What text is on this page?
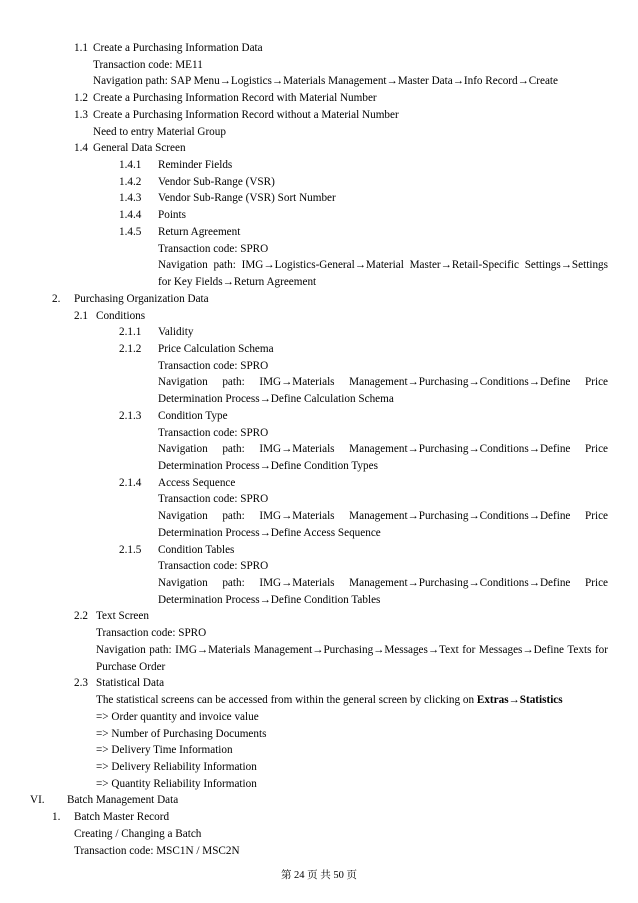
1.1 Create a Purchasing Information Data
Transaction code: ME11
Navigation path: SAP Menu→Logistics→Materials Management→Master Data→Info Record→Create
1.2 Create a Purchasing Information Record with Material Number
1.3 Create a Purchasing Information Record without a Material Number
Need to entry Material Group
1.4 General Data Screen
1.4.1 Reminder Fields
1.4.2 Vendor Sub-Range (VSR)
1.4.3 Vendor Sub-Range (VSR) Sort Number
1.4.4 Points
1.4.5 Return Agreement
Transaction code: SPRO
Navigation path: IMG→Logistics-General→Material Master→Retail-Specific Settings→Settings
for Key Fields→Return Agreement
2. Purchasing Organization Data
2.1 Conditions
2.1.1 Validity
2.1.2 Price Calculation Schema
Transaction code: SPRO
Navigation path: IMG→Materials Management→Purchasing→Conditions→Define Price
Determination Process→Define Calculation Schema
2.1.3 Condition Type
Transaction code: SPRO
Navigation path: IMG→Materials Management→Purchasing→Conditions→Define Price
Determination Process→Define Condition Types
2.1.4 Access Sequence
Transaction code: SPRO
Navigation path: IMG→Materials Management→Purchasing→Conditions→Define Price
Determination Process→Define Access Sequence
2.1.5 Condition Tables
Transaction code: SPRO
Navigation path: IMG→Materials Management→Purchasing→Conditions→Define Price
Determination Process→Define Condition Tables
2.2 Text Screen
Transaction code: SPRO
Navigation path: IMG→Materials Management→Purchasing→Messages→Text for Messages→Define Texts for
Purchase Order
2.3 Statistical Data
The statistical screens can be accessed from within the general screen by clicking on Extras→Statistics
=> Order quantity and invoice value
=> Number of Purchasing Documents
=> Delivery Time Information
=> Delivery Reliability Information
=> Quantity Reliability Information
VI. Batch Management Data
1. Batch Master Record
Creating / Changing a Batch
Transaction code: MSC1N / MSC2N
第 24 页 共 50 页
